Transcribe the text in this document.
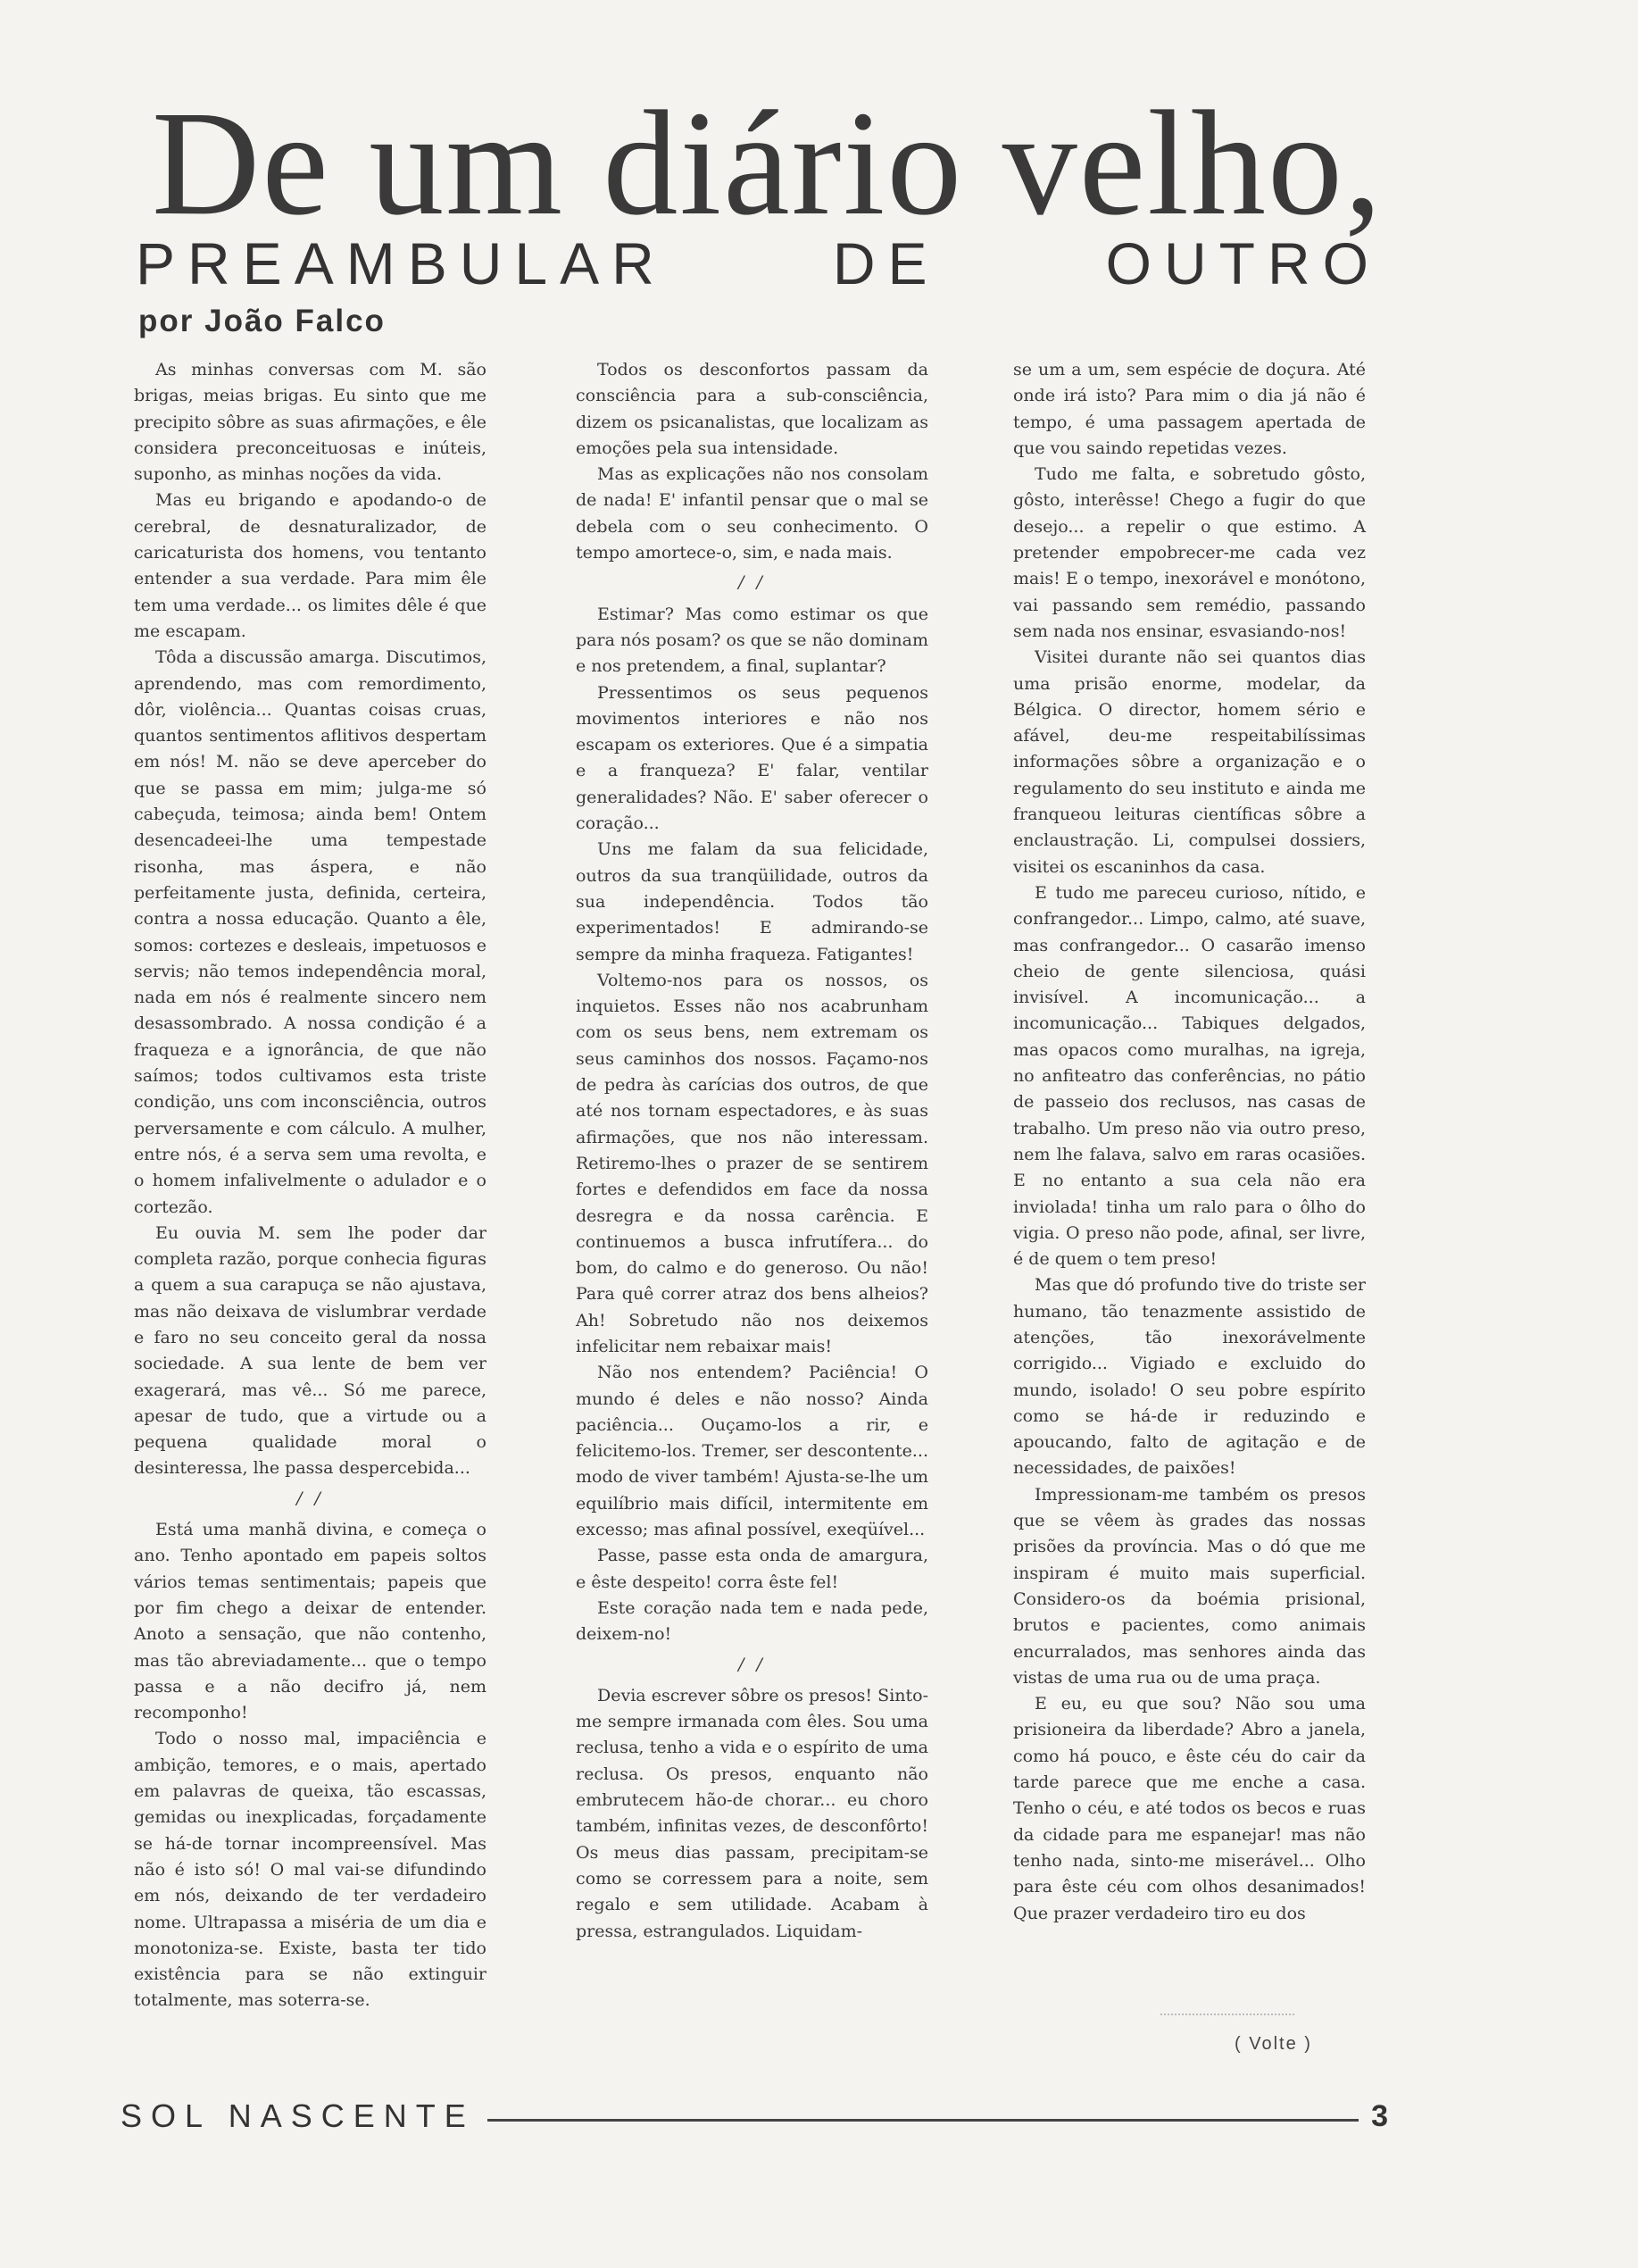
De um diário velho,
PREAMBULAR	DE	OUTRO
por João Falco

As minhas conversas com M. são brigas, meias brigas. Eu sinto que me precipito sôbre as suas afirmações, e êle considera preconceituosas e inúteis, suponho, as minhas noções da vida.

Mas eu brigando e apodando-o de cerebral, de desnaturalizador, de caricaturista dos homens, vou tentanto entender a sua verdade. Para mim êle tem uma verdade... os limites dêle é que me escapam.

Tôda a discussão amarga. Discutimos, aprendendo, mas com remordimento, dôr, violência... Quantas coisas cruas, quantos sentimentos aflitivos despertam em nós! M. não se deve aperceber do que se passa em mim; julga-me só cabeçuda, teimosa; ainda bem! Ontem desencadeei-lhe uma tempestade risonha, mas áspera, e não perfeitamente justa, definida, certeira, contra a nossa educação. Quanto a êle, somos: cortezes e desleais, impetuosos e servis; não temos independência moral, nada em nós é realmente sincero nem desassombrado. A nossa condição é a fraqueza e a ignorância, de que não saímos; todos cultivamos esta triste condição, uns com inconsciência, outros perversamente e com cálculo. A mulher, entre nós, é a serva sem uma revolta, e o homem infalivelmente o adulador e o cortezão.

Eu ouvia M. sem lhe poder dar completa razão, porque conhecia figuras a quem a sua carapuça se não ajustava, mas não deixava de vislumbrar verdade e faro no seu conceito geral da nossa sociedade. A sua lente de bem ver exagerará, mas vê... Só me parece, apesar de tudo, que a virtude ou a pequena qualidade moral o desinteressa, lhe passa despercebida...

/ /

Está uma manhã divina, e começa o ano. Tenho apontado em papeis soltos vários temas sentimentais; papeis que por fim chego a deixar de entender. Anoto a sensação, que não contenho, mas tão abreviadamente... que o tempo passa e a não decifro já, nem recomponho!

Todo o nosso mal, impaciência e ambição, temores, e o mais, apertado em palavras de queixa, tão escassas, gemidas ou inexplicadas, forçadamente se há-de tornar incompreensível. Mas não é isto só! O mal vai-se difundindo em nós, deixando de ter verdadeiro nome. Ultrapassa a miséria de um dia e monotoniza-se. Existe, basta ter tido existência para se não extinguir totalmente, mas soterra-se.

Todos os desconfortos passam da consciência para a sub-consciência, dizem os psicanalistas, que localizam as emoções pela sua intensidade.

Mas as explicações não nos consolam de nada! E' infantil pensar que o mal se debela com o seu conhecimento. O tempo amortece-o, sim, e nada mais.

/ /

Estimar? Mas como estimar os que para nós posam? os que se não dominam e nos pretendem, a final, suplantar?

Pressentimos os seus pequenos movimentos interiores e não nos escapam os exteriores. Que é a simpatia e a franqueza? E' falar, ventilar generalidades? Não. E' saber oferecer o coração...

Uns me falam da sua felicidade, outros da sua tranqüilidade, outros da sua independência. Todos tão experimentados! E admirando-se sempre da minha fraqueza. Fatigantes!

Voltemo-nos para os nossos, os inquietos. Esses não nos acabrunham com os seus bens, nem extremam os seus caminhos dos nossos. Façamo-nos de pedra às carícias dos outros, de que até nos tornam espectadores, e às suas afirmações, que nos não interessam. Retiremo-lhes o prazer de se sentirem fortes e defendidos em face da nossa desregra e da nossa carência. E continuemos a busca infrutífera... do bom, do calmo e do generoso. Ou não! Para quê correr atraz dos bens alheios? Ah! Sobretudo não nos deixemos infelicitar nem rebaixar mais!

Não nos entendem? Paciência! O mundo é deles e não nosso? Ainda paciência... Ouçamo-los a rir, e felicitemo-los. Tremer, ser descontente... modo de viver também! Ajusta-se-lhe um equilíbrio mais difícil, intermitente em excesso; mas afinal possível, exeqüível...

Passe, passe esta onda de amargura, e êste despeito! corra êste fel!

Este coração nada tem e nada pede, deixem-no!

/ /

Devia escrever sôbre os presos! Sinto-me sempre irmanada com êles. Sou uma reclusa, tenho a vida e o espírito de uma reclusa. Os presos, enquanto não embrutecem hão-de chorar... eu choro também, infinitas vezes, de desconfôrto! Os meus dias passam, precipitam-se como se corressem para a noite, sem regalo e sem utilidade. Acabam à pressa, estrangulados. Liquidam-

se um a um, sem espécie de doçura. Até onde irá isto? Para mim o dia já não é tempo, é uma passagem apertada de que vou saindo repetidas vezes.

Tudo me falta, e sobretudo gôsto, gôsto, interêsse! Chego a fugir do que desejo... a repelir o que estimo. A pretender empobrecer-me cada vez mais! E o tempo, inexorável e monótono, vai passando sem remédio, passando sem nada nos ensinar, esvasiando-nos!

Visitei durante não sei quantos dias uma prisão enorme, modelar, da Bélgica. O director, homem sério e afável, deu-me respeitabilíssimas informações sôbre a organização e o regulamento do seu instituto e ainda me franqueou leituras científicas sôbre a enclaustração. Li, compulsei dossiers, visitei os escaninhos da casa.

E tudo me pareceu curioso, nítido, e confrangedor... Limpo, calmo, até suave, mas confrangedor... O casarão imenso cheio de gente silenciosa, quási invisível. A incomunicação... a incomunicação... Tabiques delgados, mas opacos como muralhas, na igreja, no anfiteatro das conferências, no pátio de passeio dos reclusos, nas casas de trabalho. Um preso não via outro preso, nem lhe falava, salvo em raras ocasiões. E no entanto a sua cela não era inviolada! tinha um ralo para o ôlho do vigia. O preso não pode, afinal, ser livre, é de quem o tem preso!

Mas que dó profundo tive do triste ser humano, tão tenazmente assistido de atenções, tão inexorávelmente corrigido... Vigiado e excluido do mundo, isolado! O seu pobre espírito como se há-de ir reduzindo e apoucando, falto de agitação e de necessidades, de paixões!

Impressionam-me também os presos que se vêem às grades das nossas prisões da província. Mas o dó que me inspiram é muito mais superficial. Considero-os da boémia prisional, brutos e pacientes, como animais encurralados, mas senhores ainda das vistas de uma rua ou de uma praça.

E eu, eu que sou? Não sou uma prisioneira da liberdade? Abro a janela, como há pouco, e êste céu do cair da tarde parece que me enche a casa. Tenho o céu, e até todos os becos e ruas da cidade para me espanejar! mas não tenho nada, sinto-me miserável... Olho para êste céu com olhos desanimados! Que prazer verdadeiro tiro eu dos

( Volte )
SOL NASCENTE	3
